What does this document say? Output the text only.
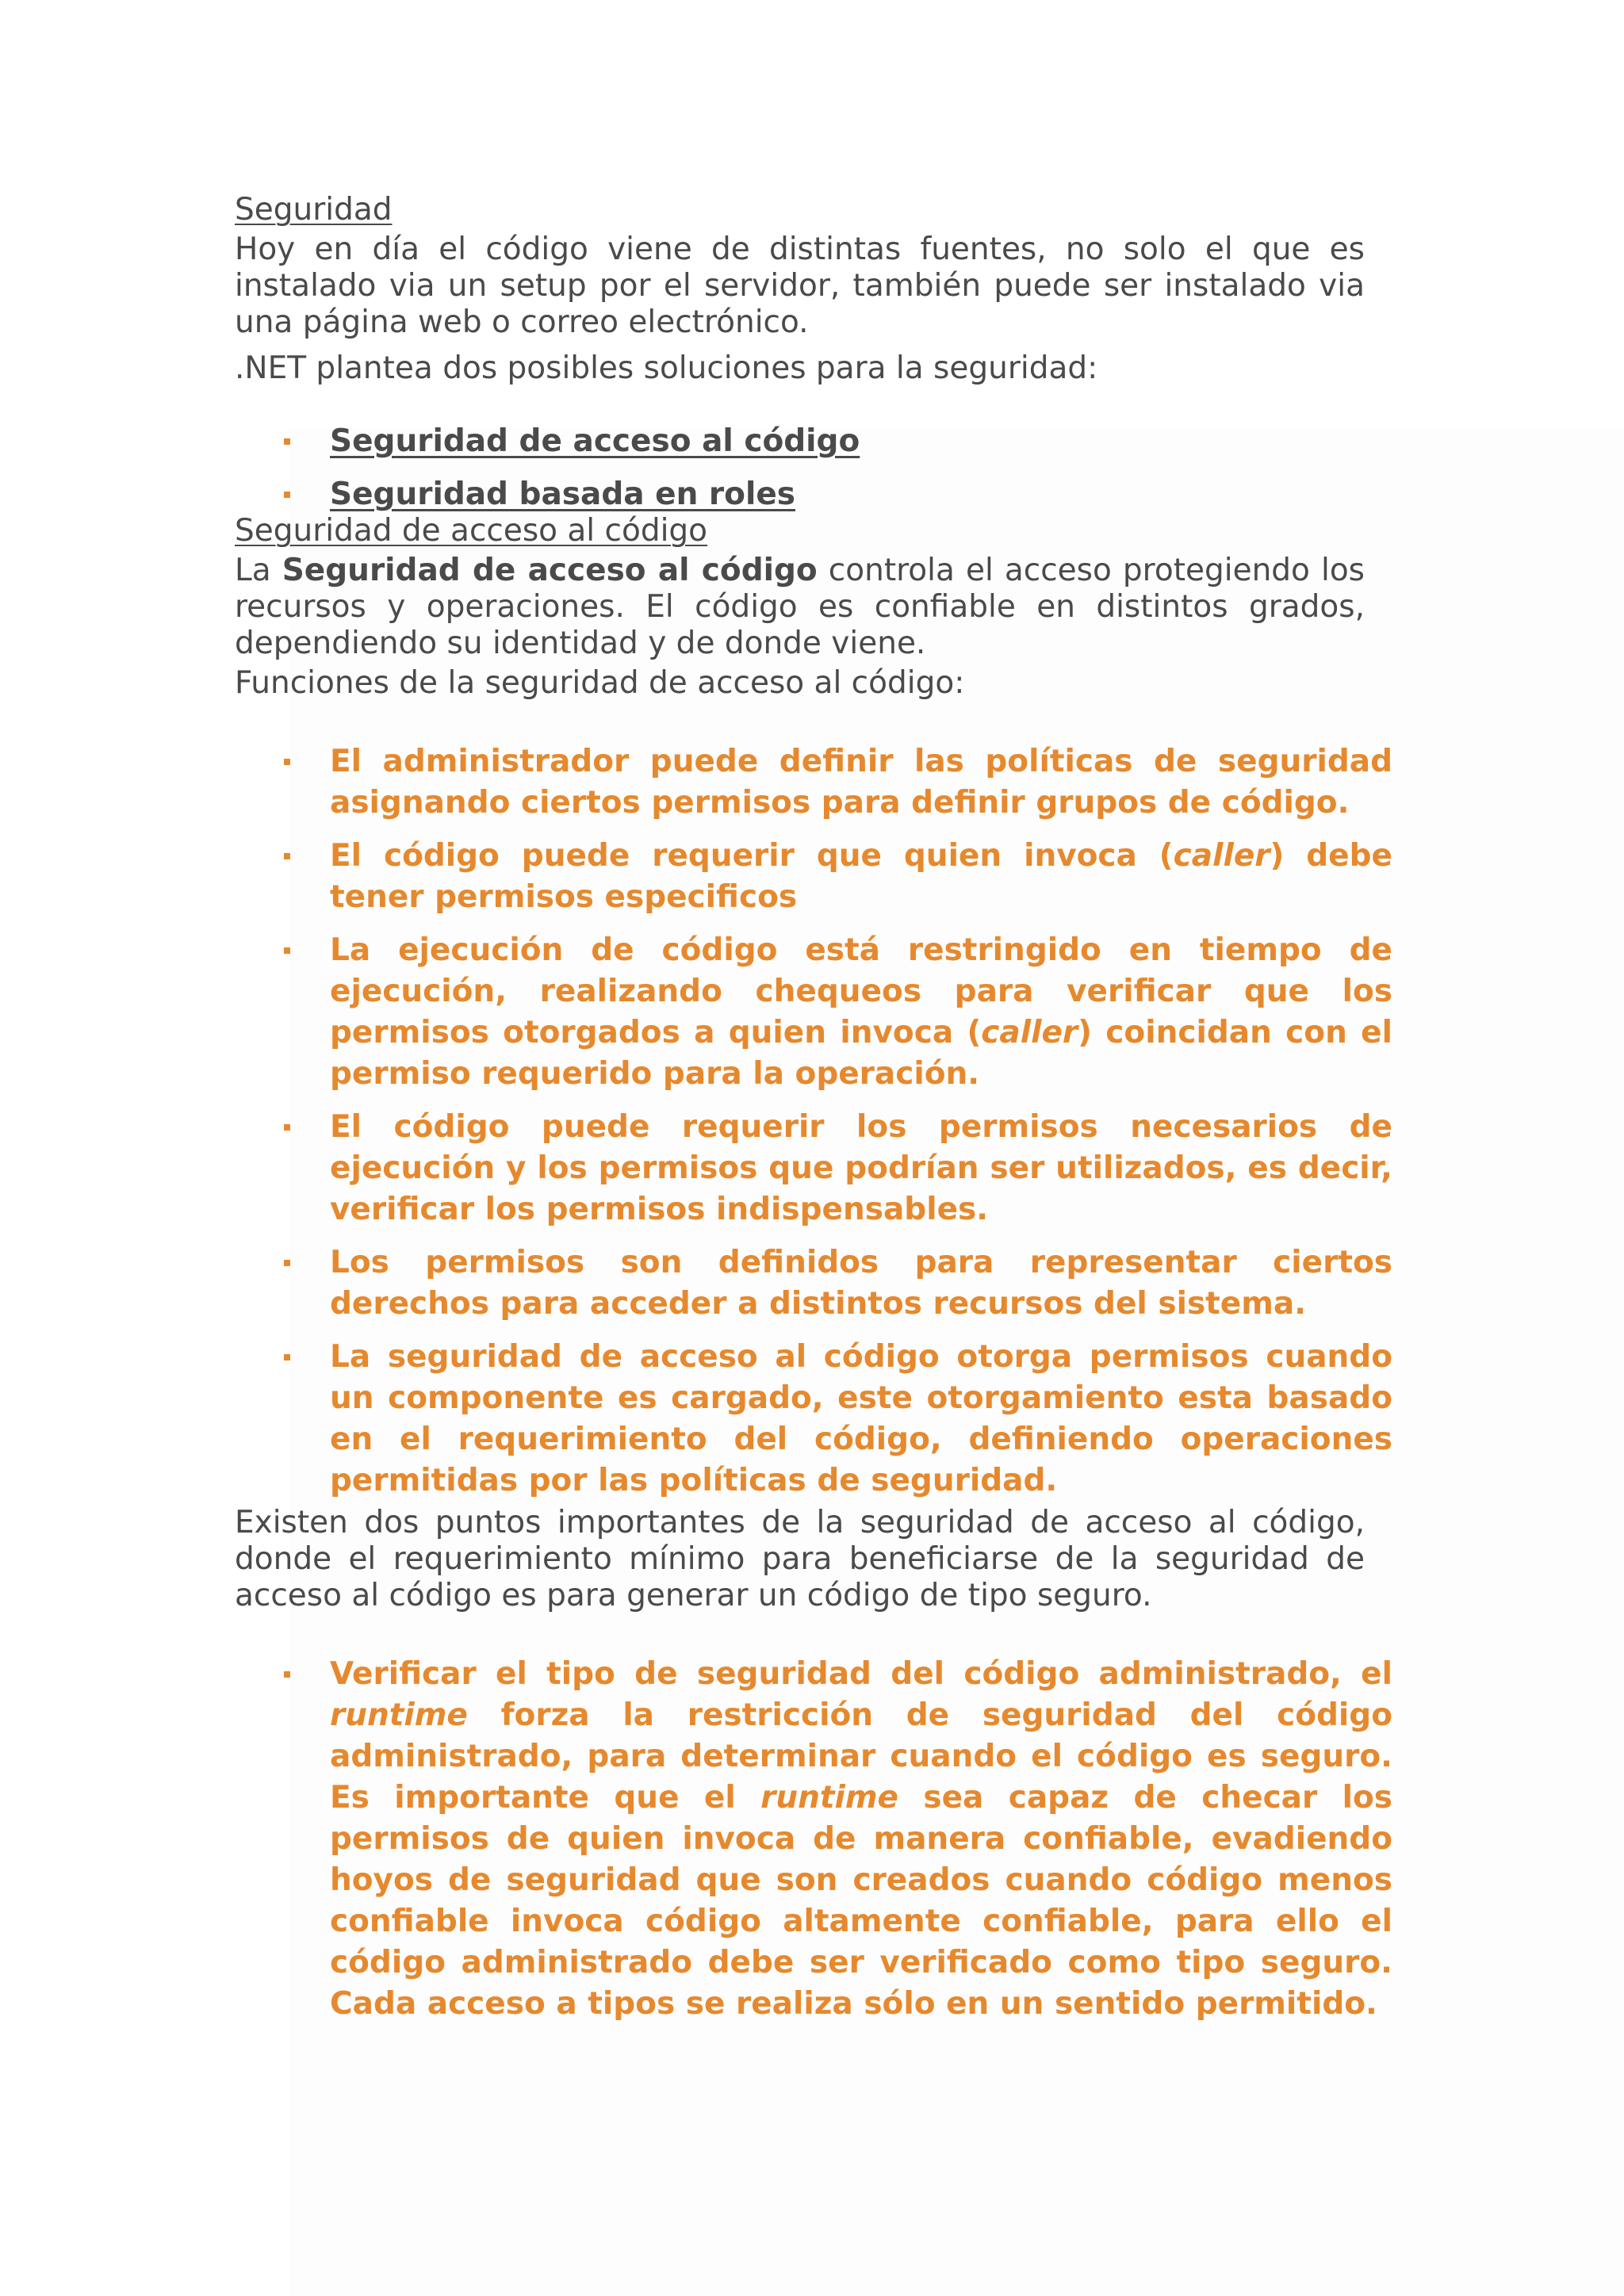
Seguridad

Hoy en día el código viene de distintas fuentes, no solo el que es instalado via un setup por el servidor, también puede ser instalado via una página web o correo electrónico.

.NET plantea dos posibles soluciones para la seguridad:

Seguridad de acceso al código
Seguridad basada en roles

Seguridad de acceso al código

La Seguridad de acceso al código controla el acceso protegiendo los recursos y operaciones. El código es confiable en distintos grados, dependiendo su identidad y de donde viene.

Funciones de la seguridad de acceso al código:

El administrador puede definir las políticas de seguridad asignando ciertos permisos para definir grupos de código.
El código puede requerir que quien invoca (caller) debe tener permisos especificos
La ejecución de código está restringido en tiempo de ejecución, realizando chequeos para verificar que los permisos otorgados a quien invoca (caller) coincidan con el permiso requerido para la operación.
El código puede requerir los permisos necesarios de ejecución y los permisos que podrían ser utilizados, es decir, verificar los permisos indispensables.
Los permisos son definidos para representar ciertos derechos para acceder a distintos recursos del sistema.
La seguridad de acceso al código otorga permisos cuando un componente es cargado, este otorgamiento esta basado en el requerimiento del código, definiendo operaciones permitidas por las políticas de seguridad.

Existen dos puntos importantes de la seguridad de acceso al código, donde el requerimiento mínimo para beneficiarse de la seguridad de acceso al código es para generar un código de tipo seguro.

Verificar el tipo de seguridad del código administrado, el runtime forza la restricción de seguridad del código administrado, para determinar cuando el código es seguro. Es importante que el runtime sea capaz de checar los permisos de quien invoca de manera confiable, evadiendo hoyos de seguridad que son creados cuando código menos confiable invoca código altamente confiable, para ello el código administrado debe ser verificado como tipo seguro. Cada acceso a tipos se realiza sólo en un sentido permitido.
